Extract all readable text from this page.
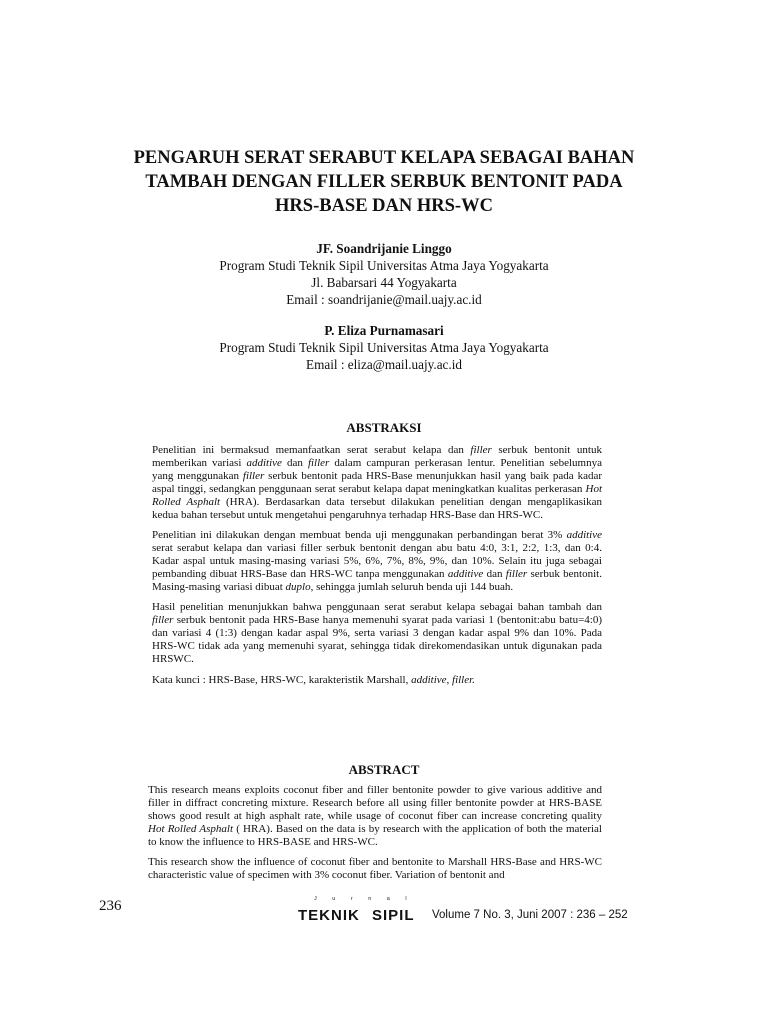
PENGARUH SERAT SERABUT KELAPA SEBAGAI BAHAN
TAMBAH DENGAN FILLER SERBUK BENTONIT PADA
HRS-BASE DAN HRS-WC
JF. Soandrijanie Linggo
Program Studi Teknik Sipil Universitas Atma Jaya Yogyakarta
Jl. Babarsari 44 Yogyakarta
Email : soandrijanie@mail.uajy.ac.id
P. Eliza Purnamasari
Program Studi Teknik Sipil Universitas Atma Jaya Yogyakarta
Email : eliza@mail.uajy.ac.id
ABSTRAKSI

Penelitian ini bermaksud memanfaatkan serat serabut kelapa dan filler serbuk bentonit untuk memberikan variasi additive dan filler dalam campuran perkerasan lentur. Penelitian sebelumnya yang menggunakan filler serbuk bentonit pada HRS-Base menunjukkan hasil yang baik pada kadar aspal tinggi, sedangkan penggunaan serat serabut kelapa dapat meningkatkan kualitas perkerasan Hot Rolled Asphalt (HRA). Berdasarkan data tersebut dilakukan penelitian dengan mengaplikasikan kedua bahan tersebut untuk mengetahui pengaruhnya terhadap HRS-Base dan HRS-WC.

Penelitian ini dilakukan dengan membuat benda uji menggunakan perbandingan berat 3% additive serat serabut kelapa dan variasi filler serbuk bentonit dengan abu batu 4:0, 3:1, 2:2, 1:3, dan 0:4. Kadar aspal untuk masing-masing variasi 5%, 6%, 7%, 8%, 9%, dan 10%. Selain itu juga sebagai pembanding dibuat HRS-Base dan HRS-WC tanpa menggunakan additive dan filler serbuk bentonit. Masing-masing variasi dibuat duplo, sehingga jumlah seluruh benda uji 144 buah.

Hasil penelitian menunjukkan bahwa penggunaan serat serabut kelapa sebagai bahan tambah dan filler serbuk bentonit pada HRS-Base hanya memenuhi syarat pada variasi 1 (bentonit:abu batu=4:0) dan variasi 4 (1:3) dengan kadar aspal 9%, serta variasi 3 dengan kadar aspal 9% dan 10%. Pada HRS-WC tidak ada yang memenuhi syarat, sehingga tidak direkomendasikan untuk digunakan pada HRSWC.

Kata kunci : HRS-Base, HRS-WC, karakteristik Marshall, additive, filler.

ABSTRACT

This research means exploits coconut fiber and filler bentonite powder to give various additive and filler in diffract concreting mixture. Research before all using filler bentonite powder at HRS-BASE shows good result at high asphalt rate, while usage of coconut fiber can increase concreting quality Hot Rolled Asphalt ( HRA). Based on the data is by research with the application of both the material to know the influence to HRS-BASE and HRS-WC.

This research show the influence of coconut fiber and bentonite to Marshall HRS-Base and HRS-WC characteristic value of specimen with 3% coconut fiber. Variation of bentonit and

236	J u r n a l
TEKNIK SIPIL Volume 7 No. 3, Juni 2007 : 236 – 252
